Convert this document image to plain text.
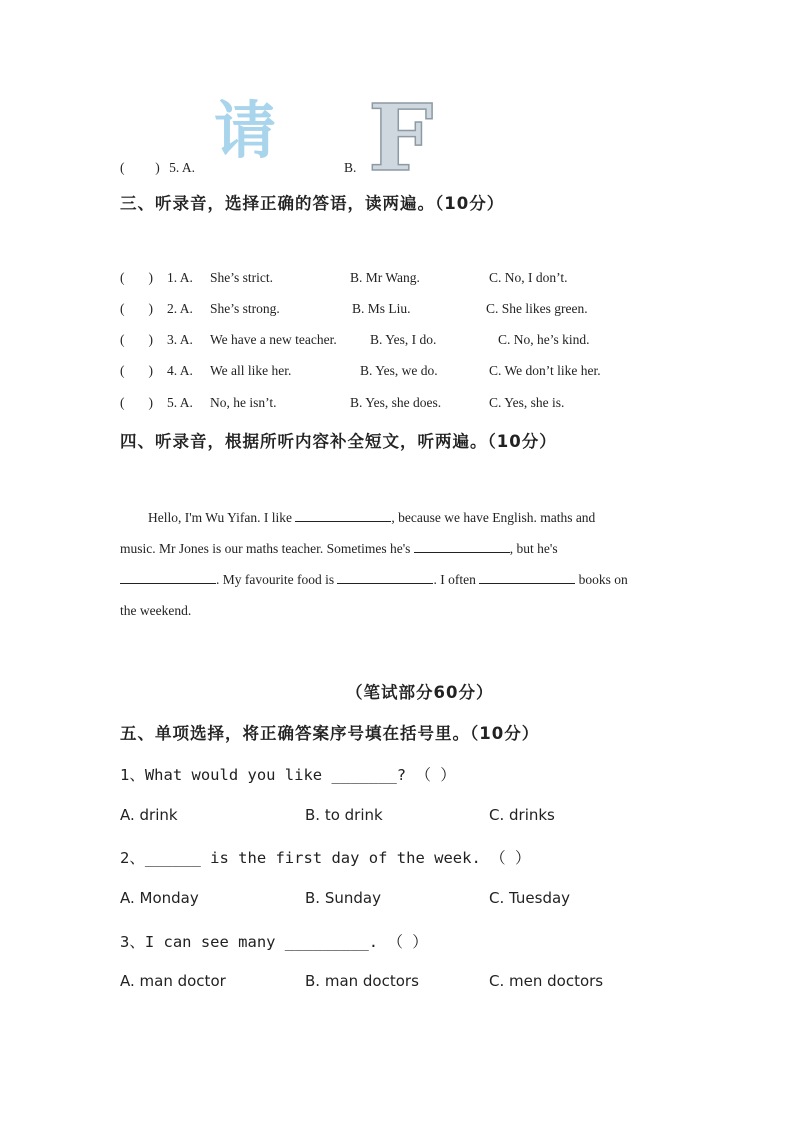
( ) 5. A.
请
B. F
三、听录音，选择正确的答语，读两遍。（10分）
( ) 1. A. She’s strict.	B. Mr Wang.	C. No, I don’t.
( ) 2. A. She’s strong.	B. Ms Liu.	C. She likes green.
( ) 3. A. We have a new teacher. B. Yes, I do.	C. No, he’s kind.
( ) 4. A. We all like her.	B. Yes, we do.	C. We don’t like her.
( ) 5. A. No, he isn’t.	B. Yes, she does.	C. Yes, she is.
四、听录音，根据所听内容补全短文，听两遍。（10分）
Hello, I'm Wu Yifan. I like	, because we have English. maths and
music. Mr Jones is our maths teacher. Sometimes he's	, but he's
. My favourite food is	. I often	books on
the weekend.
（笔试部分60分）
五、单项选择，将正确答案序号填在括号里。（10分）
1、What would you like _______? （ ）
A. drink	B. to drink	C. drinks
2、______ is the first day of the week. （ ）
A. Monday	B. Sunday	C. Tuesday
3、I can see many _________. （ ）
A. man doctor	B. man doctors	C. men doctors
